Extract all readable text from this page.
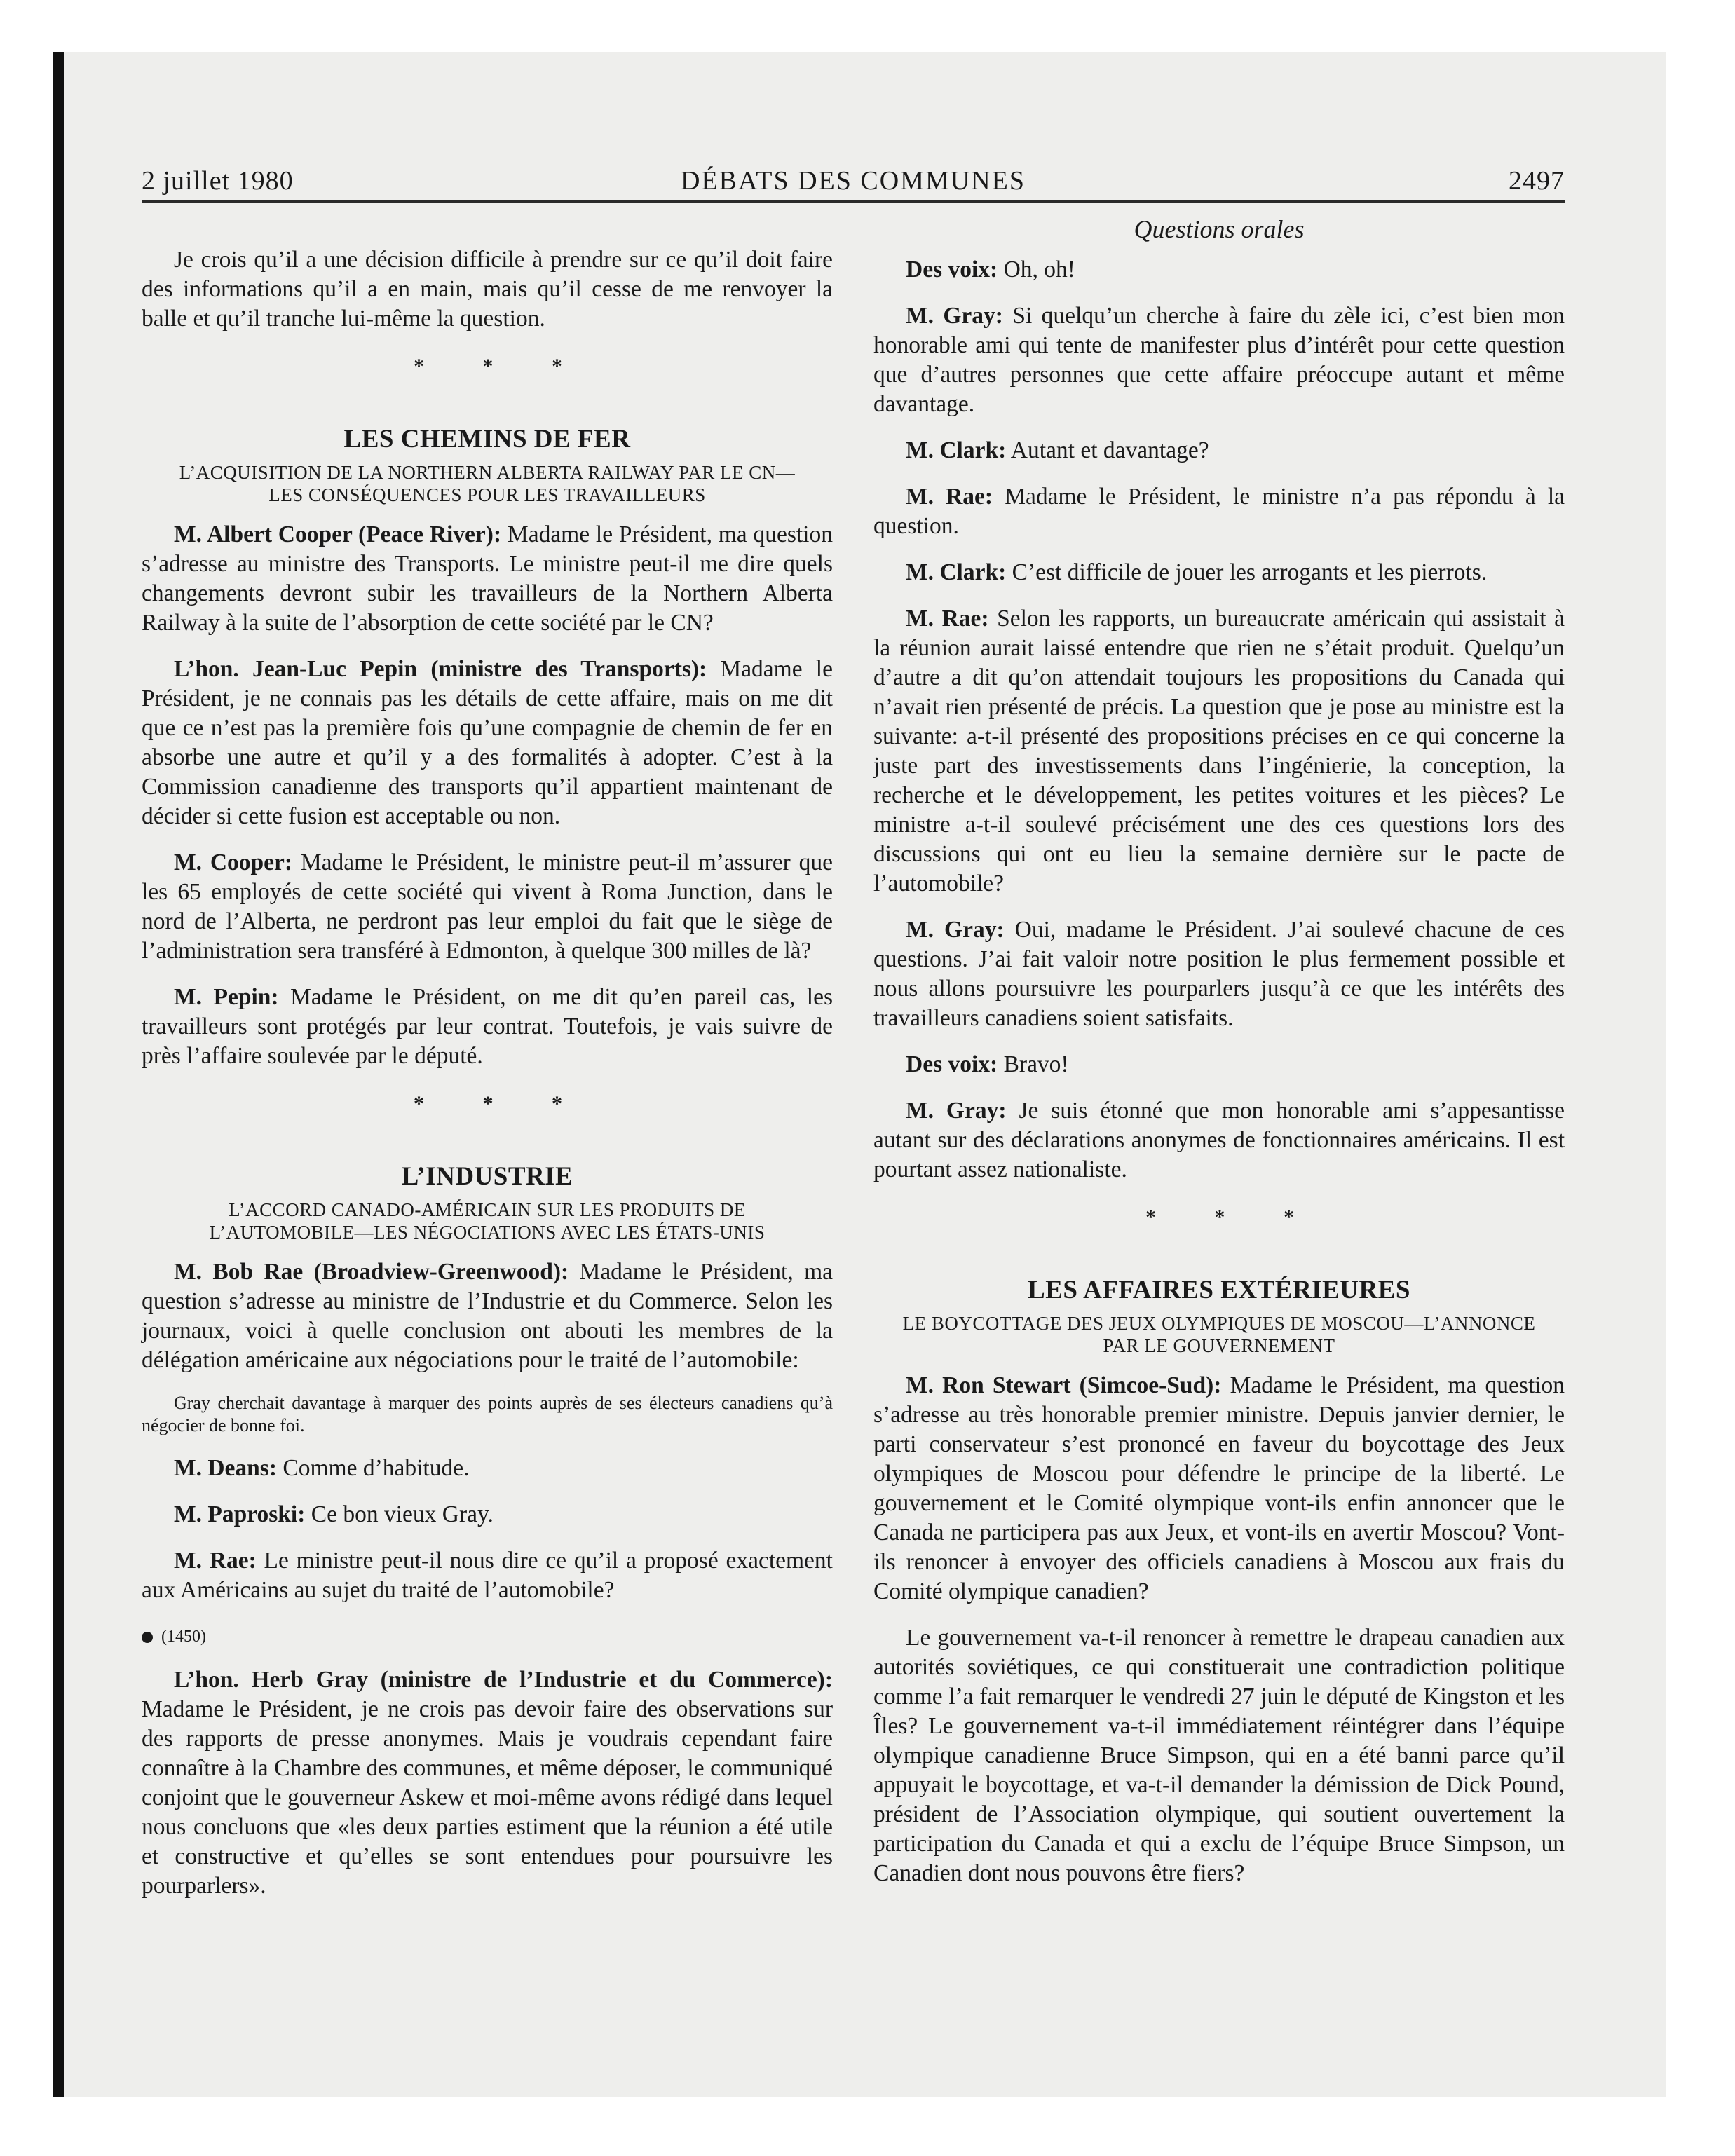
2 juillet 1980	DÉBATS DES COMMUNES	2497
Questions orales

Je crois qu’il a une décision difficile à prendre sur ce qu’il doit faire des informations qu’il a en main, mais qu’il cesse de me renvoyer la balle et qu’il tranche lui-même la question.

* * *
LES CHEMINS DE FER
L’ACQUISITION DE LA NORTHERN ALBERTA RAILWAY PAR LE CN—LES CONSÉQUENCES POUR LES TRAVAILLEURS

M. Albert Cooper (Peace River): Madame le Président, ma question s’adresse au ministre des Transports. Le ministre peut-il me dire quels changements devront subir les travailleurs de la Northern Alberta Railway à la suite de l’absorption de cette société par le CN?

L’hon. Jean-Luc Pepin (ministre des Transports): Madame le Président, je ne connais pas les détails de cette affaire, mais on me dit que ce n’est pas la première fois qu’une compagnie de chemin de fer en absorbe une autre et qu’il y a des formalités à adopter. C’est à la Commission canadienne des transports qu’il appartient maintenant de décider si cette fusion est acceptable ou non.

M. Cooper: Madame le Président, le ministre peut-il m’assurer que les 65 employés de cette société qui vivent à Roma Junction, dans le nord de l’Alberta, ne perdront pas leur emploi du fait que le siège de l’administration sera transféré à Edmonton, à quelque 300 milles de là?

M. Pepin: Madame le Président, on me dit qu’en pareil cas, les travailleurs sont protégés par leur contrat. Toutefois, je vais suivre de près l’affaire soulevée par le député.

* * *
L’INDUSTRIE
L’ACCORD CANADO-AMÉRICAIN SUR LES PRODUITS DE L’AUTOMOBILE—LES NÉGOCIATIONS AVEC LES ÉTATS-UNIS

M. Bob Rae (Broadview-Greenwood): Madame le Président, ma question s’adresse au ministre de l’Industrie et du Commerce. Selon les journaux, voici à quelle conclusion ont abouti les membres de la délégation américaine aux négociations pour le traité de l’automobile:

Gray cherchait davantage à marquer des points auprès de ses électeurs canadiens qu’à négocier de bonne foi.

M. Deans: Comme d’habitude.

M. Paproski: Ce bon vieux Gray.

M. Rae: Le ministre peut-il nous dire ce qu’il a proposé exactement aux Américains au sujet du traité de l’automobile?

(1450)

L’hon. Herb Gray (ministre de l’Industrie et du Commerce): Madame le Président, je ne crois pas devoir faire des observations sur des rapports de presse anonymes. Mais je voudrais cependant faire connaître à la Chambre des communes, et même déposer, le communiqué conjoint que le gouverneur Askew et moi-même avons rédigé dans lequel nous concluons que «les deux parties estiment que la réunion a été utile et constructive et qu’elles se sont entendues pour poursuivre les pourparlers».

Des voix: Oh, oh!

M. Gray: Si quelqu’un cherche à faire du zèle ici, c’est bien mon honorable ami qui tente de manifester plus d’intérêt pour cette question que d’autres personnes que cette affaire préoccupe autant et même davantage.

M. Clark: Autant et davantage?

M. Rae: Madame le Président, le ministre n’a pas répondu à la question.

M. Clark: C’est difficile de jouer les arrogants et les pierrots.

M. Rae: Selon les rapports, un bureaucrate américain qui assistait à la réunion aurait laissé entendre que rien ne s’était produit. Quelqu’un d’autre a dit qu’on attendait toujours les propositions du Canada qui n’avait rien présenté de précis. La question que je pose au ministre est la suivante: a-t-il présenté des propositions précises en ce qui concerne la juste part des investissements dans l’ingénierie, la conception, la recherche et le développement, les petites voitures et les pièces? Le ministre a-t-il soulevé précisément une des ces questions lors des discussions qui ont eu lieu la semaine dernière sur le pacte de l’automobile?

M. Gray: Oui, madame le Président. J’ai soulevé chacune de ces questions. J’ai fait valoir notre position le plus fermement possible et nous allons poursuivre les pourparlers jusqu’à ce que les intérêts des travailleurs canadiens soient satisfaits.

Des voix: Bravo!

M. Gray: Je suis étonné que mon honorable ami s’appesantisse autant sur des déclarations anonymes de fonctionnaires américains. Il est pourtant assez nationaliste.

* * *
LES AFFAIRES EXTÉRIEURES
LE BOYCOTTAGE DES JEUX OLYMPIQUES DE MOSCOU—L’ANNONCE PAR LE GOUVERNEMENT

M. Ron Stewart (Simcoe-Sud): Madame le Président, ma question s’adresse au très honorable premier ministre. Depuis janvier dernier, le parti conservateur s’est prononcé en faveur du boycottage des Jeux olympiques de Moscou pour défendre le principe de la liberté. Le gouvernement et le Comité olympique vont-ils enfin annoncer que le Canada ne participera pas aux Jeux, et vont-ils en avertir Moscou? Vont-ils renoncer à envoyer des officiels canadiens à Moscou aux frais du Comité olympique canadien?

Le gouvernement va-t-il renoncer à remettre le drapeau canadien aux autorités soviétiques, ce qui constituerait une contradiction politique comme l’a fait remarquer le vendredi 27 juin le député de Kingston et les Îles? Le gouvernement va-t-il immédiatement réintégrer dans l’équipe olympique canadienne Bruce Simpson, qui en a été banni parce qu’il appuyait le boycottage, et va-t-il demander la démission de Dick Pound, président de l’Association olympique, qui soutient ouvertement la participation du Canada et qui a exclu de l’équipe Bruce Simpson, un Canadien dont nous pouvons être fiers?
